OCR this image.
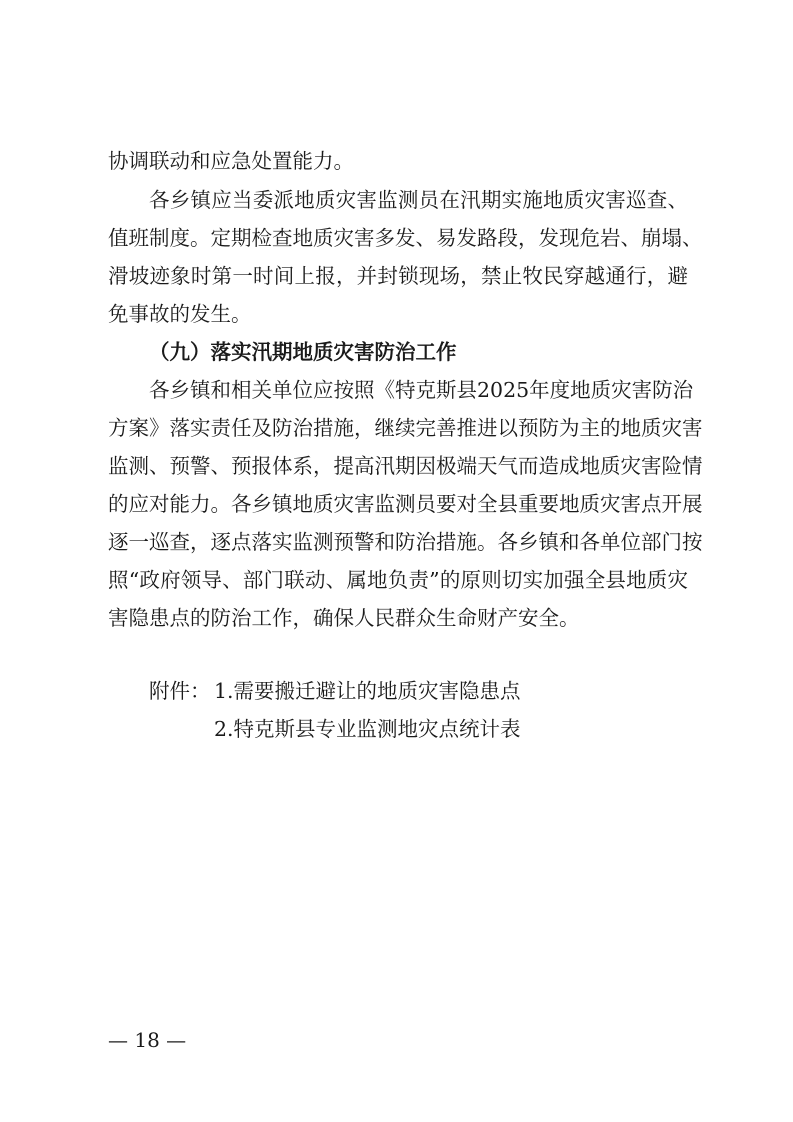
协调联动和应急处置能力。
各乡镇应当委派地质灾害监测员在汛期实施地质灾害巡查、
值班制度。定期检查地质灾害多发、易发路段，发现危岩、崩塌、
滑坡迹象时第一时间上报，并封锁现场，禁止牧民穿越通行，避
免事故的发生。
（九）落实汛期地质灾害防治工作
各乡镇和相关单位应按照《特克斯县2025年度地质灾害防治
方案》落实责任及防治措施，继续完善推进以预防为主的地质灾害
监测、预警、预报体系，提高汛期因极端天气而造成地质灾害险情
的应对能力。各乡镇地质灾害监测员要对全县重要地质灾害点开展
逐一巡查，逐点落实监测预警和防治措施。各乡镇和各单位部门按
照“政府领导、部门联动、属地负责”的原则切实加强全县地质灾
害隐患点的防治工作，确保人民群众生命财产安全。
附件： 1.需要搬迁避让的地质灾害隐患点
2.特克斯县专业监测地灾点统计表
— 18 —
